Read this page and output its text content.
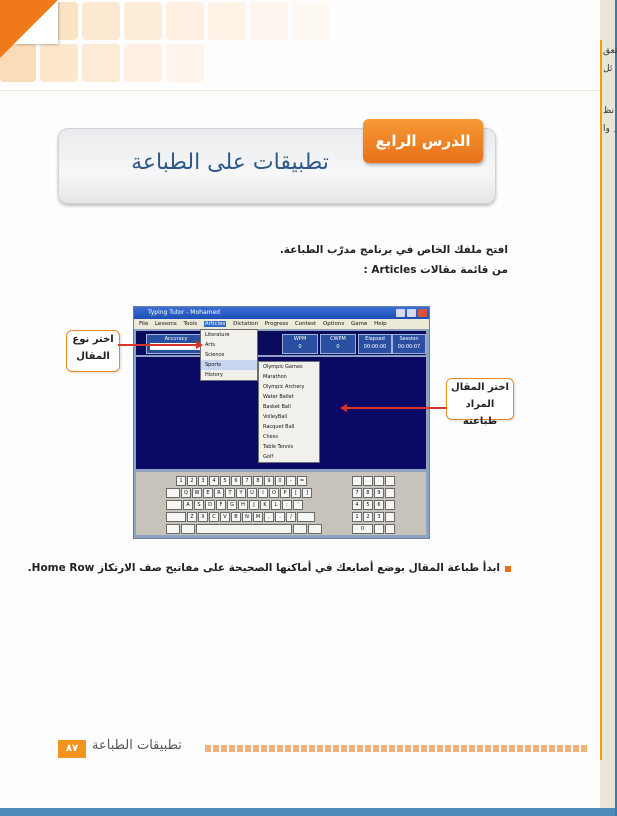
الدرس الرابع
تطبيقات على الطباعة
افتح ملفك الخاص في برنامج مدرّب الطباعة.
من قائمة مقالات Articles :
Typing Tutor - Mohamed
File Lessons Tools Articles Dictation Progress Contest Options Game Help
Accuracy	WPM
0
CWPM
0
Elapsed
00:00:00
Session
00:00:07
Literature
Arts
Science
Sports
History
Olympic Games
Marathon
Olympic Archery
Water Ballet
Basket Ball
VolleyBall
Racquet Ball
Chess
Table Tennis
Golf
1	2	3	4	5	6	7	8	9	0	-	=
Q	W	E	R	T	Y	U	I	O	P	[	]
A	S	D	F	G	H	J	K	L	;	'
Z	X	C	V	B	N	M	,	.	/
7	8	9
4	5	6
1	2	3
0
اختر نوع المقال
اختر المقال المراد طباعته
ابدأ طباعة المقال بوضع أصابعك في أماكنها الصحيحة على مفاتيح صف الارتكاز Home Row.
٨٧	تطبيقات الطباعة
تعق
ئل
نظ
ِ وا
